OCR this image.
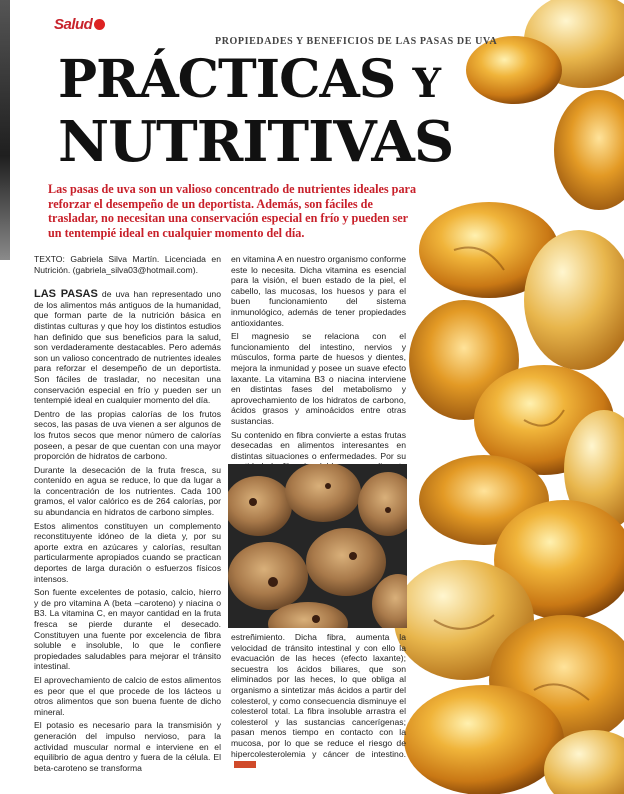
Salud
PROPIEDADES Y BENEFICIOS DE LAS PASAS DE UVA
PRÁCTICAS Y
NUTRITIVAS
Las pasas de uva son un valioso concentrado de nutrientes ideales para reforzar el desempeño de un deportista. Además, son fáciles de trasladar, no necesitan una conservación especial en frío y pueden ser un tentempié ideal en cualquier momento del día.

TEXTO: Gabriela Silva Martín. Licenciada en Nutrición. (gabriela_silva03@hotmail.com).

LAS PASAS de uva han representado uno de los alimentos más antiguos de la humanidad, que forman parte de la nutrición básica en distintas culturas y que hoy los distintos estudios han definido que sus beneficios para la salud, son verdaderamente destacables. Pero además son un valioso concentrado de nutrientes ideales para reforzar el desempeño de un deportista. Son fáciles de trasladar, no necesitan una conservación especial en frío y pueden ser un tentempié ideal en cualquier momento del día.

Dentro de las propias calorías de los frutos secos, las pasas de uva vienen a ser algunos de los frutos secos que menor número de calorías poseen, a pesar de que cuentan con una mayor proporción de hidratos de carbono.

Durante la desecación de la fruta fresca, su contenido en agua se reduce, lo que da lugar a la concentración de los nutrientes. Cada 100 gramos, el valor calórico es de 264 calorías, por su abundancia en hidratos de carbono simples.

Estos alimentos constituyen un complemento reconstituyente idóneo de la dieta y, por su aporte extra en azúcares y calorías, resultan particularmente apropiados cuando se practican deportes de larga duración o esfuerzos físicos intensos.

Son fuente excelentes de potasio, calcio, hierro y de pro vitamina A (beta –caroteno) y niacina o B3. La vitamina C, en mayor cantidad en la fruta fresca se pierde durante el desecado. Constituyen una fuente por excelencia de fibra soluble e insoluble, lo que le confiere propiedades saludables para mejorar el tránsito intestinal.

El aprovechamiento de calcio de estos alimentos es peor que el que procede de los lácteos u otros alimentos que son buena fuente de dicho mineral.

El potasio es necesario para la transmisión y generación del impulso nervioso, para la actividad muscular normal e interviene en el equilibrio de agua dentro y fuera de la célula. El beta-caroteno se transforma

en vitamina A en nuestro organismo conforme este lo necesita. Dicha vitamina es esencial para la visión, el buen estado de la piel, el cabello, las mucosas, los huesos y para el buen funcionamiento del sistema inmunológico, además de tener propiedades antioxidantes.

El magnesio se relaciona con el funcionamiento del intestino, nervios y músculos, forma parte de huesos y dientes, mejora la inmunidad y posee un suave efecto laxante. La vitamina B3 o niacina interviene en distintas fases del metabolismo y aprovechamiento de los hidratos de carbono, ácidos grasos y aminoácidos entre otras sustancias.

Su contenido en fibra convierte a estas frutas desecadas en alimentos interesantes en distintas situaciones o enfermedades. Por su

estreñimiento. Dicha fibra, aumenta la velocidad de tránsito intestinal y con ello la evacuación de las heces (efecto laxante); secuestra los ácidos biliares, que son eliminados por las heces, lo que obliga al organismo a sintetizar más ácidos a partir del colesterol, y como consecuencia disminuye el colesterol total. La fibra insoluble arrastra el colesterol y las sustancias cancerígenas; pasan menos tiempo en contacto con la mucosa, por lo que se reduce el riesgo de hipercolesterolemia y cáncer de intestino.
